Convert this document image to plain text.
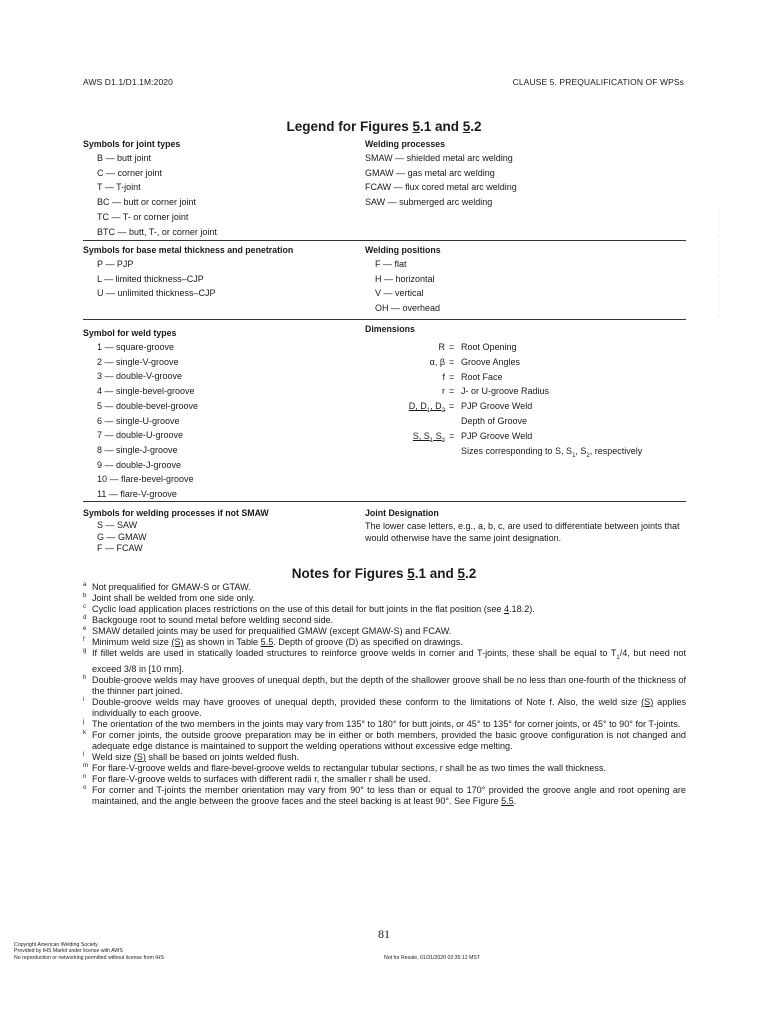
AWS D1.1/D1.1M:2020	CLAUSE 5. PREQUALIFICATION OF WPSs
Legend for Figures 5.1 and 5.2
Symbols for joint types
B — butt joint
C — corner joint
T — T-joint
BC — butt or corner joint
TC — T- or corner joint
BTC — butt, T-, or corner joint
Welding processes
SMAW — shielded metal arc welding
GMAW — gas metal arc welding
FCAW — flux cored metal arc welding
SAW — submerged arc welding
Symbols for base metal thickness and penetration
P — PJP
L — limited thickness–CJP
U — unlimited thickness–CJP
Welding positions
F — flat
H — horizontal
V — vertical
OH — overhead
Symbol for weld types
1 — square-groove
2 — single-V-groove
3 — double-V-groove
4 — single-bevel-groove
5 — double-bevel-groove
6 — single-U-groove
7 — double-U-groove
8 — single-J-groove
9 — double-J-groove
10 — flare-bevel-groove
11 — flare-V-groove
Dimensions
R = Root Opening
α, β = Groove Angles
f = Root Face
r = J- or U-groove Radius
D, $D_1$, $D_2$ = PJP Groove Weld
Depth of Groove
S, $S_1$ $S_2$ = PJP Groove Weld
Sizes corresponding to S, $S_1$, $S_2$, respectively
Symbols for welding processes if not SMAW
S — SAW
G — GMAW
F — FCAW
Joint Designation
The lower case letters, e.g., a, b, c, are used to differentiate between joints that would otherwise have the same joint designation.
Notes for Figures 5.1 and 5.2
a Not prequalified for GMAW-S or GTAW.
b Joint shall be welded from one side only.
c Cyclic load application places restrictions on the use of this detail for butt joints in the flat position (see 4.18.2).
d Backgouge root to sound metal before welding second side.
e SMAW detailed joints may be used for prequalified GMAW (except GMAW-S) and FCAW.
f Minimum weld size (S) as shown in Table 5.5. Depth of groove (D) as specified on drawings.
g If fillet welds are used in statically loaded structures to reinforce groove welds in corner and T-joints, these shall be equal to $T_1/4$, but need not exceed 3/8 in [10 mm].
h Double-groove welds may have grooves of unequal depth, but the depth of the shallower groove shall be no less than one-fourth of the thickness of the thinner part joined.
i Double-groove welds may have grooves of unequal depth, provided these conform to the limitations of Note f. Also, the weld size (S) applies individually to each groove.
j The orientation of the two members in the joints may vary from 135° to 180° for butt joints, or 45° to 135° for corner joints, or 45° to 90° for T-joints.
k For corner joints, the outside groove preparation may be in either or both members, provided the basic groove configuration is not changed and adequate edge distance is maintained to support the welding operations without excessive edge melting.
l Weld size (S) shall be based on joints welded flush.
m For flare-V-groove welds and flare-bevel-groove welds to rectangular tubular sections, r shall be as two times the wall thickness.
n For flare-V-groove welds to surfaces with different radii r, the smaller r shall be used.
o For corner and T-joints the member orientation may vary from 90° to less than or equal to 170° provided the groove angle and root opening are maintained, and the angle between the groove faces and the steel backing is at least 90°. See Figure 5.5.
81
Copyright American Welding Society
Provided by IHS Markit under license with AWS
No reproduction or networking permitted without license from IHS	Not for Resale, 01/31/2020 02:35:12 MST
